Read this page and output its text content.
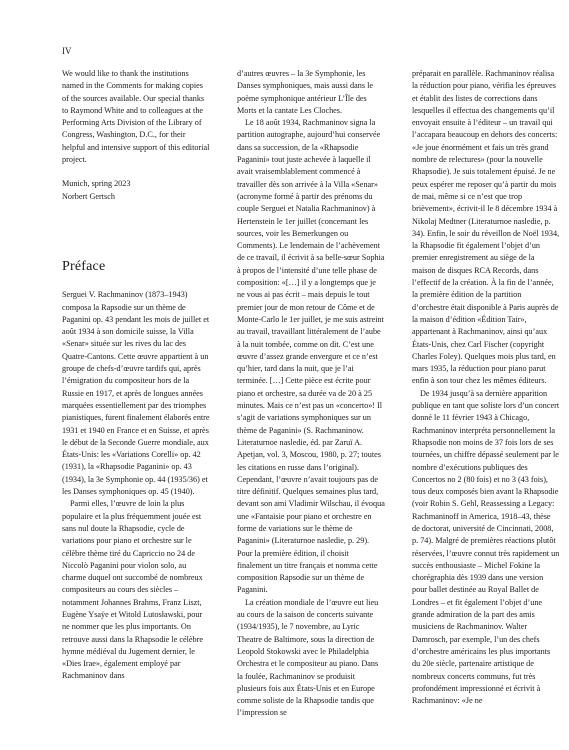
IV

We would like to thank the institutions named in the Comments for making copies of the sources available. Our special thanks to Raymond White and to colleagues at the Performing Arts Division of the Library of Congress, Washington, D.C., for their helpful and intensive support of this editorial project.

Munich, spring 2023

Norbert Gertsch

Préface

Serguei V. Rachmaninov (1873–1943) composa la Rapsodie sur un thème de Paganini op. 43 pendant les mois de juillet et août 1934 à son domicile suisse, la Villa «Senar» située sur les rives du lac des Quatre-Cantons. Cette œuvre appartient à un groupe de chefs-d’œuvre tardifs qui, après l’émigration du compositeur hors de la Russie en 1917, et après de longues années marquées essentiellement par des triomphes pianistiques, furent finalement élaborés entre 1931 et 1940 en France et en Suisse, et après le début de la Seconde Guerre mondiale, aux États-Unis: les «Variations Corelli» op. 42 (1931), la «Rhapsodie Paganini» op. 43 (1934), la 3e Symphonie op. 44 (1935/36) et les Danses symphoniques op. 45 (1940).

Parmi elles, l’œuvre de loin la plus populaire et la plus fréquemment jouée est sans nul doute la Rhapsodie, cycle de variations pour piano et orchestre sur le célèbre thème tiré du Capriccio no 24 de Niccolò Paganini pour violon solo, au charme duquel ont succombé de nombreux compositeurs au cours des siècles – notamment Johannes Brahms, Franz Liszt, Eugène Ysaÿe et Witold Lutosławski, pour ne nommer que les plus importants. On retrouve aussi dans la Rhapsodie le célèbre hymne médiéval du Jugement dernier, le «Dies Irae», également employé par Rachmaninov dans

d’autres œuvres – la 3e Symphonie, les Danses symphoniques, mais aussi dans le poème symphonique antérieur L’Île des Morts et la cantate Les Cloches.

Le 18 août 1934, Rachmaninov signa la partition autographe, aujourd’hui conservée dans sa succession, de la «Rhapsodie Paganini» tout juste achevée à laquelle il avait vraisemblablement commencé à travailler dès son arrivée à la Villa «Senar» (acronyme formé à partir des prénoms du couple Serguei et Natalia Rachmaninov) à Hertenstein le 1er juillet (concernant les sources, voir les Bemerkungen ou Comments). Le lendemain de l’achèvement de ce travail, il écrivit à sa belle-sœur Sophia à propos de l’intensité d’une telle phase de composition: «[…] il y a longtemps que je ne vous ai pas écrit – mais depuis le tout premier jour de mon retour de Côme et de Monte-Carlo le 1er juillet, je me suis astreint au travail, travaillant littéralement de l’aube à la nuit tombée, comme on dit. C’est une œuvre d’assez grande envergure et ce n’est qu’hier, tard dans la nuit, que je l’ai terminée. […] Cette pièce est écrite pour piano et orchestre, sa durée va de 20 à 25 minutes. Mais ce n’est pas un «concerto»! Il s’agit de variations symphoniques sur un thème de Paganini» (S. Rachmaninow. Literaturnoe nasledie, éd. par Zaruï A. Apetjan, vol. 3, Moscou, 1980, p. 27; toutes les citations en russe dans l’original). Cependant, l’œuvre n’avait toujours pas de titre définitif. Quelques semaines plus tard, devant son ami Vladimir Wilschau, il évoqua une «Fantaisie pour piano et orchestre en forme de variations sur le thème de Paganini» (Literaturnoe nasledie, p. 29). Pour la première édition, il choisit finalement un titre français et nomma cette composition Rapsodie sur un thème de Paganini.

La création mondiale de l’œuvre eut lieu au cours de la saison de concerts suivante (1934/1935), le 7 novembre, au Lyric Theatre de Baltimore, sous la direction de Leopold Stokowski avec le Philadelphia Orchestra et le compositeur au piano. Dans la foulée, Rachmaninov se produisit plusieurs fois aux États-Unis et en Europe comme soliste de la Rhapsodie tandis que l’impression se

préparait en parallèle. Rachmaninov réalisa la réduction pour piano, vérifia les épreuves et établit des listes de corrections dans lesquelles il effectua des changements qu’il envoyait ensuite à l’éditeur – un travail qui l’accapara beaucoup en dehors des concerts: «Je joue énormément et fais un très grand nombre de relectures» (pour la nouvelle Rhapsodie). Je suis totalement épuisé. Je ne peux espérer me reposer qu’à partir du mois de mai, même si ce n’est que trop brièvement», écrivit-il le 8 décembre 1934 à Nikolaj Medtner (Literaturnoe nasledie, p. 34). Enfin, le soir du réveillon de Noël 1934, la Rhapsodie fit également l’objet d’un premier enregistrement au siège de la maison de disques RCA Records, dans l’effectif de la création. À la fin de l’année, la première édition de la partition d’orchestre était disponible à Paris auprès de la maison d’édition «Édition Tair», appartenant à Rachmaninov, ainsi qu’aux États-Unis, chez Carl Fischer (copyright Charles Foley). Quelques mois plus tard, en mars 1935, la réduction pour piano parut enfin à son tour chez les mêmes éditeurs.

De 1934 jusqu’à sa dernière apparition publique en tant que soliste lors d’un concert donné le 11 février 1943 à Chicago, Rachmaninov interpréta personnellement la Rhapsodie non moins de 37 fois lors de ses tournées, un chiffre dépassé seulement par le nombre d’exécutions publiques des Concertos no 2 (80 fois) et no 3 (43 fois), tous deux composés bien avant la Rhapsodie (voir Robin S. Gehl, Reassessing a Legacy: Rachmaninoff in America, 1918–43, thèse de doctorat, université de Cincinnati, 2008, p. 74). Malgré de premières réactions plutôt réservées, l’œuvre connut très rapidement un succès enthousiaste – Michel Fokine la chorégraphia dès 1939 dans une version pour ballet destinée au Royal Ballet de Londres – et fit également l’objet d’une grande admiration de la part des amis musiciens de Rachmaninov. Walter Damrosch, par exemple, l’un des chefs d’orchestre américains les plus importants du 20e siècle, partenaire artistique de nombreux concerts communs, fut très profondément impressionné et écrivit à Rachmaninov: «Je ne
